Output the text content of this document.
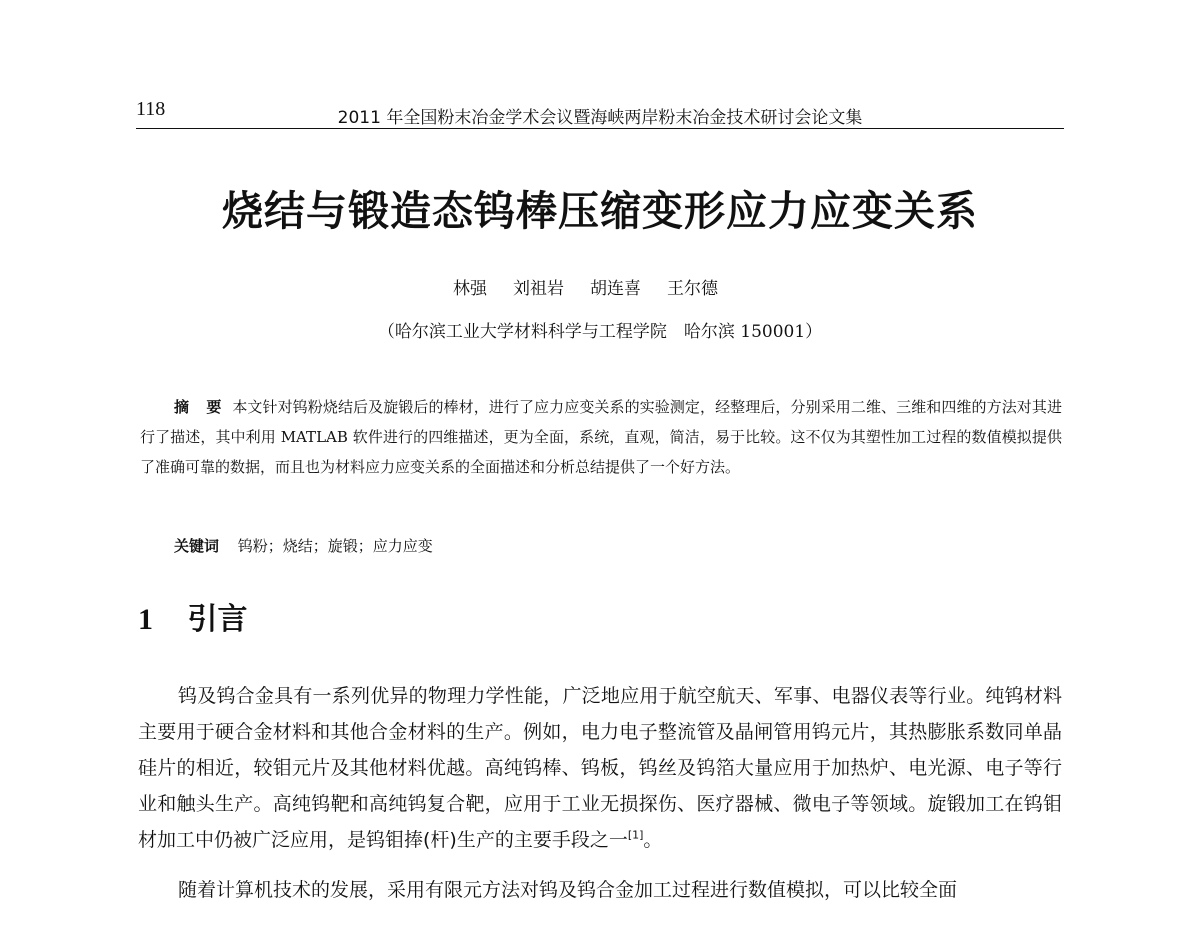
118	2011 年全国粉末冶金学术会议暨海峡两岸粉末冶金技术研讨会论文集
烧结与锻造态钨棒压缩变形应力应变关系
林强 刘祖岩 胡连喜 王尔德
（哈尔滨工业大学材料科学与工程学院　哈尔滨 150001）
摘 要 本文针对钨粉烧结后及旋锻后的棒材，进行了应力应变关系的实验测定，经整理后，分别采用二维、三维和四维的方法对其进行了描述，其中利用 MATLAB 软件进行的四维描述，更为全面，系统，直观，简洁，易于比较。这不仅为其塑性加工过程的数值模拟提供了准确可靠的数据，而且也为材料应力应变关系的全面描述和分析总结提供了一个好方法。
关键词 钨粉；烧结；旋锻；应力应变
1 引言

钨及钨合金具有一系列优异的物理力学性能，广泛地应用于航空航天、军事、电器仪表等行业。纯钨材料主要用于硬合金材料和其他合金材料的生产。例如，电力电子整流管及晶闸管用钨元片，其热膨胀系数同单晶硅片的相近，较钼元片及其他材料优越。高纯钨棒、钨板，钨丝及钨箔大量应用于加热炉、电光源、电子等行业和触头生产。高纯钨靶和高纯钨复合靶，应用于工业无损探伤、医疗器械、微电子等领域。旋锻加工在钨钼材加工中仍被广泛应用，是钨钼捧(杆)生产的主要手段之一[1]。

随着计算机技术的发展，采用有限元方法对钨及钨合金加工过程进行数值模拟，可以比较全面
